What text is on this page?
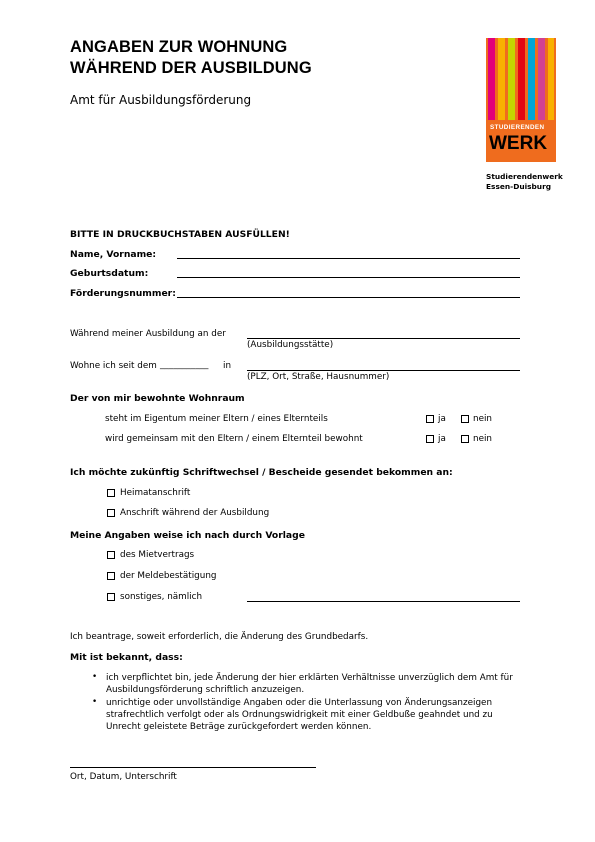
ANGABEN ZUR WOHNUNG
WÄHREND DER AUSBILDUNG
Amt für Ausbildungsförderung
STUDIERENDEN
WERK
Studierendenwerk
Essen-Duisburg
BITTE IN DRUCKBUCHSTABEN AUSFÜLLEN!
Name, Vorname:
Geburtsdatum:
Förderungsnummer:
Während meiner Ausbildung an der
(Ausbildungsstätte)
Wohne ich seit dem ___________ in
(PLZ, Ort, Straße, Hausnummer)
Der von mir bewohnte Wohnraum
steht im Eigentum meiner Eltern / eines Elternteils	ja	nein
wird gemeinsam mit den Eltern / einem Elternteil bewohnt	ja	nein
Ich möchte zukünftig Schriftwechsel / Bescheide gesendet bekommen an:
Heimatanschrift
Anschrift während der Ausbildung
Meine Angaben weise ich nach durch Vorlage
des Mietvertrags
der Meldebestätigung
sonstiges, nämlich
Ich beantrage, soweit erforderlich, die Änderung des Grundbedarfs.
Mit ist bekannt, dass:
• ich verpflichtet bin, jede Änderung der hier erklärten Verhältnisse unverzüglich dem Amt für Ausbildungsförderung schriftlich anzuzeigen.
• unrichtige oder unvollständige Angaben oder die Unterlassung von Änderungsanzeigen strafrechtlich verfolgt oder als Ordnungswidrigkeit mit einer Geldbuße geahndet und zu Unrecht geleistete Beträge zurückgefordert werden können.
Ort, Datum, Unterschrift
